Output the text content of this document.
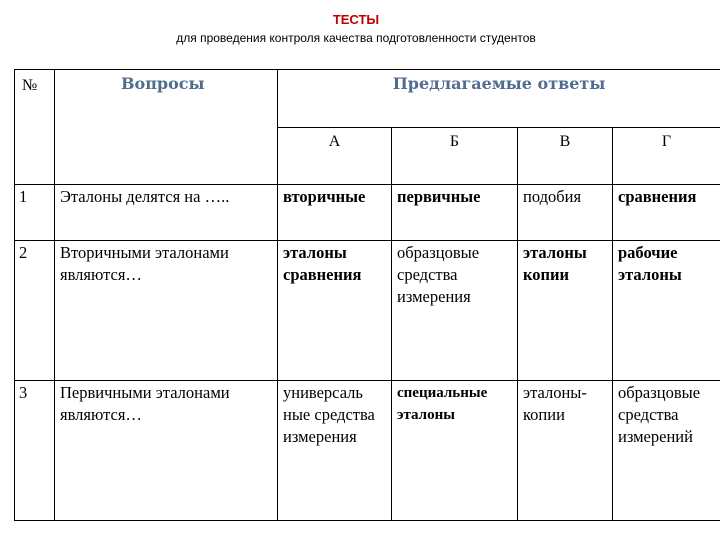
ТЕСТЫ
для проведения контроля качества подготовленности студентов
№	Вопросы	Предлагаемые ответы			
		А	Б	В	Г
1	Эталоны делятся на …..	вторичные	первичные	подобия	сравнения
2	Вторичными эталонами являются…	эталоны сравнения	образцовые средства измерения	эталоны копии	рабочие эталоны
3	Первичными эталонами являются…	универсаль ные средства измерения	специальные эталоны	эталоны-копии	образцовые средства измерений
